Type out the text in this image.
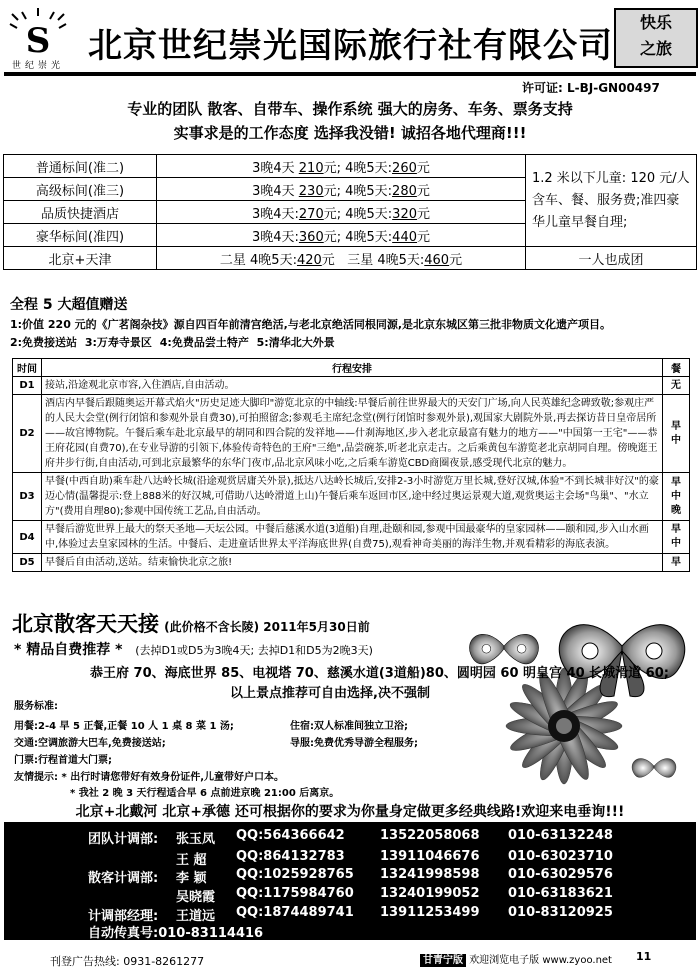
S
世纪崇光 北京世纪崇光国际旅行社有限公司
快乐
之旅
许可证: L-BJ-GN00497
专业的团队 散客、自带车、操作系统 强大的房务、车务、票务支持
实事求是的工作态度 选择我没错! 诚招各地代理商!!!
普通标间(准二)	3晚4天 210元; 4晚5天:260元	1.2 米以下儿童: 120 元/人含车、餐、服务费;准四豪华儿童早餐自理;
高级标间(准三)	3晚4天 230元; 4晚5天:280元	
品质快捷酒店	3晚4天:270元; 4晚5天:320元	
豪华标间(准四)	3晚4天:360元; 4晚5天:440元	
北京+天津	二星 4晚5天:420元 三星 4晚5天:460元	一人也成团
全程 5 大超值赠送
1:价值 220 元的《广茗阁杂技》源自四百年前清宫绝活,与老北京绝活同根同源,是北京东城区第三批非物质文化遗产项目。
2:免费接送站 3:万寿寺景区 4:免费品尝土特产 5:清华北大外景
时间	行程安排	餐
D1	接站,沿途观北京市容,入住酒店,自由活动。	无
D2	酒店内早餐后跟随奥运开幕式焰火"历史足迹大脚印"游览北京的中轴线:早餐后前往世界最大的天安门广场,向人民英雄纪念碑致敬;参观庄严的人民大会堂(例行闭馆和参观外景自费30),可拍照留念;参观毛主席纪念堂(例行闭馆时参观外景),观国家大剧院外景,再去探访昔日皇帝居所——故宫博物院。午餐后乘车赴北京最早的胡同和四合院的发祥地——什刹海地区,步入老北京最富有魅力的地方——"中国第一王宅"——恭王府花园(自费70),在专业导游的引领下,体验传奇特色的王府"三绝",品尝碗茶,听老北京走古。之后乘黄包车游览老北京胡同自理。傍晚逛王府井步行街,自由活动,可到北京最繁华的东华门夜市,品北京风味小吃,之后乘车游览CBD商圈夜景,感受现代北京的魅力。	早
中
D3	早餐(中西自助)乘车赴八达岭长城(沿途观赏居庸关外景),抵达八达岭长城后,安排2-3小时游览万里长城,登好汉城,体验"不到长城非好汉"的豪迈心情(温馨提示:登上888米的好汉城,可借助八达岭滑道上山)午餐后乘车返回市区,途中经过奥运景观大道,观赏奥运主会场"鸟巢"、"水立方"(费用自理80);参观中国传统工艺品,自由活动。	早
中
晚
D4	早餐后游览世界上最大的祭天圣地—天坛公园。中餐后慈溪水道(3道船)自理,赴颐和园,参观中国最豪华的皇家园林——颐和园,步入山水画中,体验过去皇家园林的生活。中餐后、走进童话世界太平洋海底世界(自费75),观看神奇美丽的海洋生物,并观看精彩的海底表演。	早
中
D5	早餐后自由活动,送站。结束愉快北京之旅!	早
北京散客天天接 (此价格不含长陵) 2011年5月30日前
* 精品自费推荐 * (去掉D1或D5为3晚4天; 去掉D1和D5为2晚3天)
恭王府 70、海底世界 85、电视塔 70、慈溪水道(3道船)80、圆明园 60 明皇宫 40 长城滑道 60;
以上景点推荐可自由选择,决不强制
服务标准:
用餐:2-4 早 5 正餐,正餐 10 人 1 桌 8 菜 1 汤;	住宿:双人标准间独立卫浴;
交通:空调旅游大巴车,免费接送站;	导服:免费优秀导游全程服务;
门票:行程首道大门票;
友情提示: * 出行时请您带好有效身份证件,儿童带好户口本。
* 我社 2 晚 3 天行程适合早 6 点前进京晚 21:00 后离京。
北京+北戴河 北京+承德 还可根据你的要求为你量身定做更多经典线路!欢迎来电垂询!!!
团队计调部: 张玉凤 QQ:564366642	13522058068 010-63132248
王 超 QQ:864132783	13911046676 010-63023710
散客计调部: 李 颖 QQ:1025928765 13241998598 010-63029576
吴晓霞 QQ:1175984760 13240199052 010-63183621
计调部经理: 王道远 QQ:1874489741 13911253499 010-83120925
自动传真号:010-83114416
刊登广告热线: 0931-8261277	甘青宁版 欢迎浏览电子版 www.zyoo.net 11
